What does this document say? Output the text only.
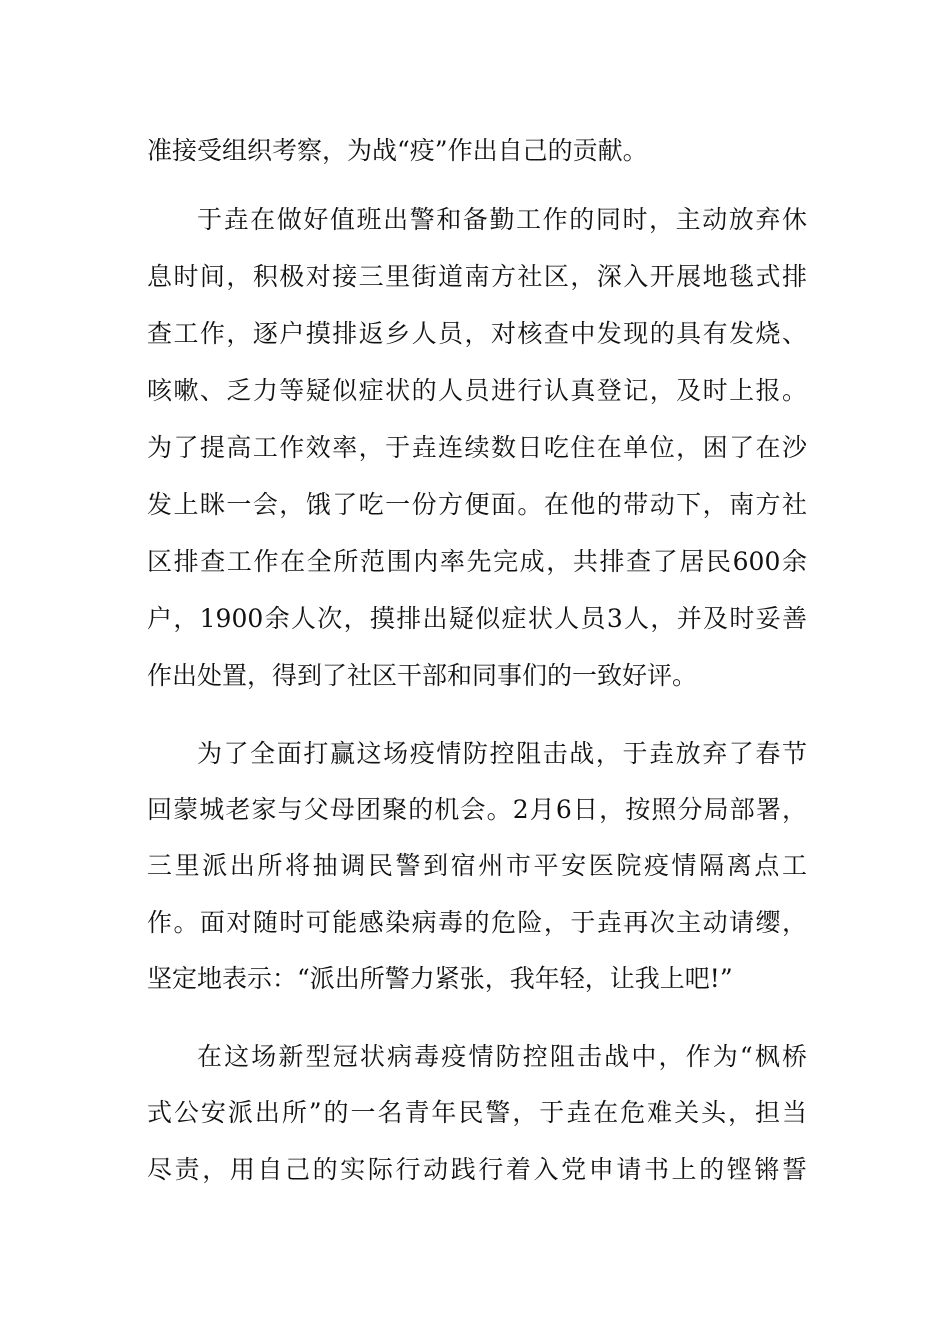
准接受组织考察，为战“疫”作出自己的贡献。
于垚在做好值班出警和备勤工作的同时，主动放弃休
息时间，积极对接三里街道南方社区，深入开展地毯式排
查工作，逐户摸排返乡人员，对核查中发现的具有发烧、
咳嗽、乏力等疑似症状的人员进行认真登记，及时上报。
为了提高工作效率，于垚连续数日吃住在单位，困了在沙
发上眯一会，饿了吃一份方便面。在他的带动下，南方社
区排查工作在全所范围内率先完成，共排查了居民600余
户，1900余人次，摸排出疑似症状人员3人，并及时妥善
作出处置，得到了社区干部和同事们的一致好评。
为了全面打赢这场疫情防控阻击战，于垚放弃了春节
回蒙城老家与父母团聚的机会。2月6日，按照分局部署，
三里派出所将抽调民警到宿州市平安医院疫情隔离点工
作。面对随时可能感染病毒的危险，于垚再次主动请缨，
坚定地表示：“派出所警力紧张，我年轻，让我上吧!”
在这场新型冠状病毒疫情防控阻击战中，作为“枫桥
式公安派出所”的一名青年民警，于垚在危难关头，担当
尽责，用自己的实际行动践行着入党申请书上的铿锵誓
